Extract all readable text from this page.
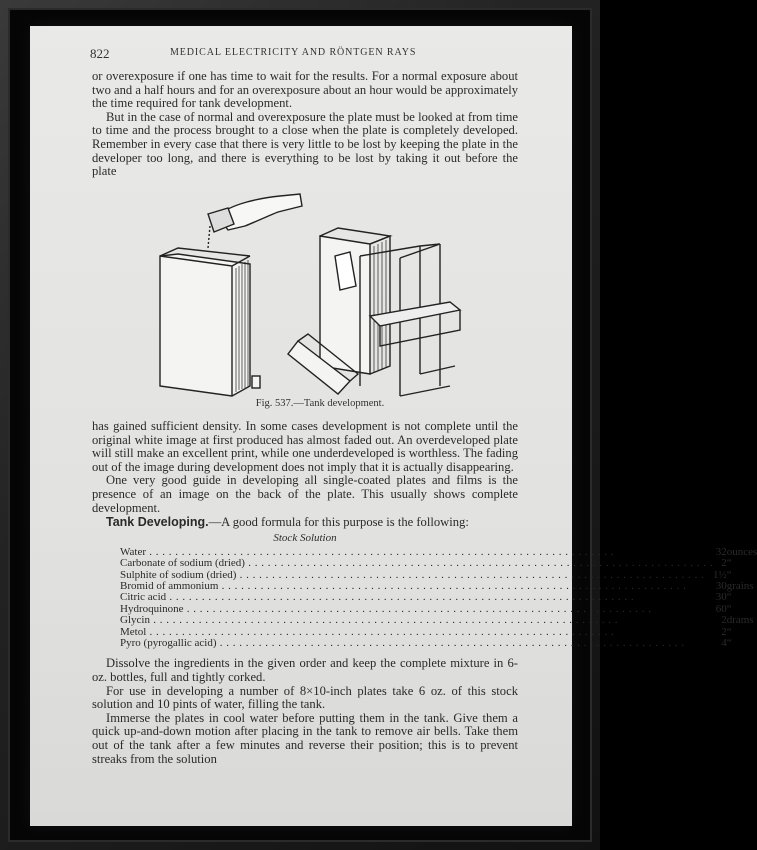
822	MEDICAL ELECTRICITY AND RÖNTGEN RAYS

or overexposure if one has time to wait for the results. For a normal exposure about two and a half hours and for an overexposure about an hour would be approximately the time required for tank development.

But in the case of normal and overexposure the plate must be looked at from time to time and the process brought to a close when the plate is completely developed. Remember in every case that there is very little to be lost by keeping the plate in the developer too long, and there is everything to be lost by taking it out before the plate

Fig. 537.—Tank development.

has gained sufficient density. In some cases development is not complete until the original white image at first produced has almost faded out. An overdeveloped plate will still make an excellent print, while one underdeveloped is worthless. The fading out of the image during development does not imply that it is actually disappearing.

One very good guide in developing all single-coated plates and films is the presence of an image on the back of the plate. This usually shows complete development.

Tank Developing.—A good formula for this purpose is the following:

Stock Solution
Water . . .	32	ounces
Carbonate of sodium (dried) . . .	2	“
Sulphite of sodium (dried) . . .	1½	“
Bromid of ammonium . . .	30	grains
Citric acid . . .	30	“
Hydroquinone . . .	60	“
Glycin . . .	2	drams
Metol . . .	2	“
Pyro (pyrogallic acid) . . .	4	“

Dissolve the ingredients in the given order and keep the complete mixture in 6-oz. bottles, full and tightly corked.

For use in developing a number of 8×10-inch plates take 6 oz. of this stock solution and 10 pints of water, filling the tank.

Immerse the plates in cool water before putting them in the tank. Give them a quick up-and-down motion after placing in the tank to remove air bells. Take them out of the tank after a few minutes and reverse their position; this is to prevent streaks from the solution
